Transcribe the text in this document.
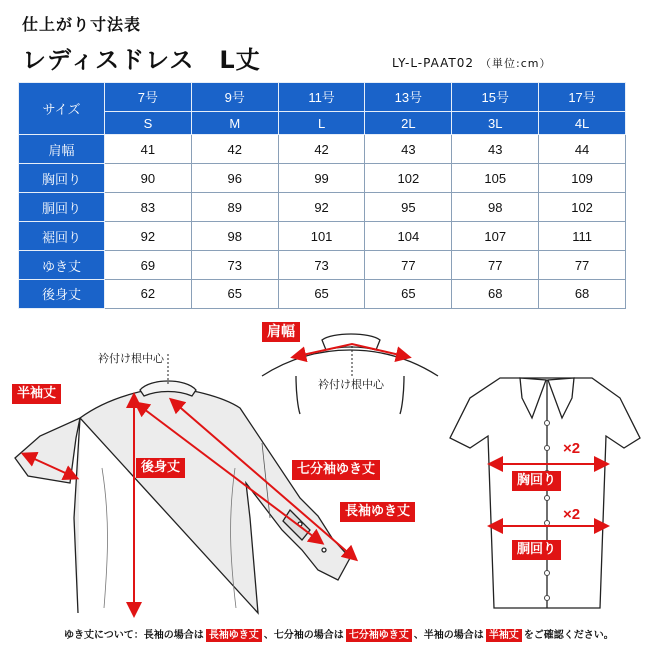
仕上がり寸法表
レディスドレス　L丈	LY-L-PAAT02 （単位:cm）
サイズ	7号	9号	11号	13号	15号	17号
	S	M	L	2L	3L	4L
肩幅	41	42	42	43	43	44
胸回り	90	96	99	102	105	109
胴回り	83	89	92	95	98	102
裾回り	92	98	101	104	107	111
ゆき丈	69	73	73	77	77	77
後身丈	62	65	65	65	68	68
衿付け根中心
肩幅
衿付け根中心
半袖丈
後身丈	七分袖ゆき丈
長袖ゆき丈
胸回り
胴回り
×2
×2
ゆき丈について：長袖の場合は 長袖ゆき丈 、七分袖の場合は 七分袖ゆき丈 、半袖の場合は 半袖丈 をご確認ください。
